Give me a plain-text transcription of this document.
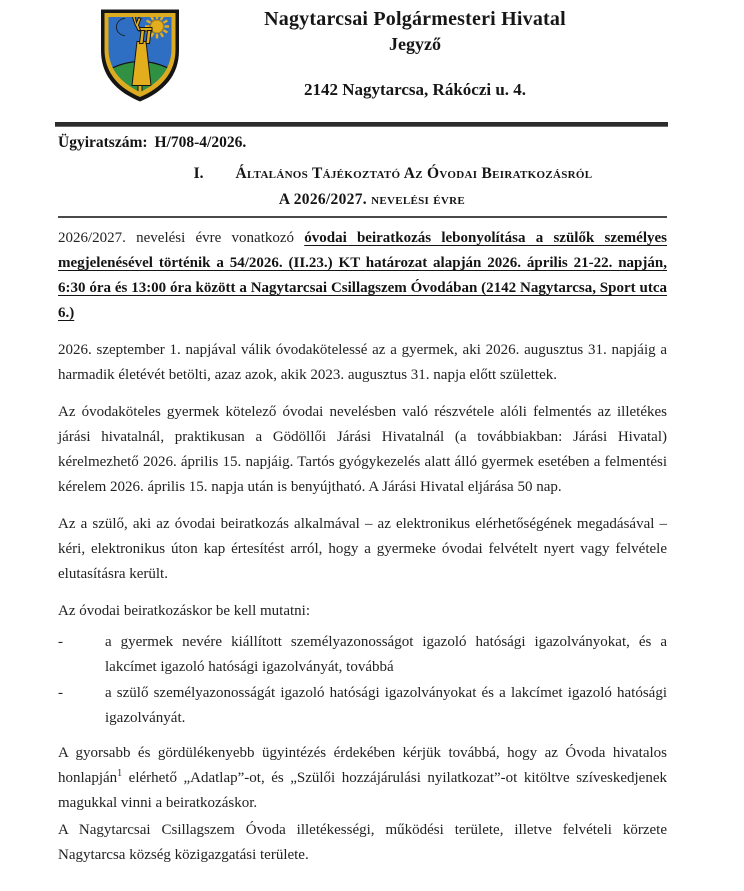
Nagytarcsai Polgármesteri Hivatal
Jegyző
2142 Nagytarcsa, Rákóczi u. 4.
Ügyiratszám: H/708-4/2026.
I. Általános Tájékoztató Az Óvodai Beiratkozásról
A 2026/2027. nevelési évre

2026/2027. nevelési évre vonatkozó óvodai beiratkozás lebonyolítása a szülők személyes megjelenésével történik a 54/2026. (II.23.) KT határozat alapján 2026. április 21-22. napján, 6:30 óra és 13:00 óra között a Nagytarcsai Csillagszem Óvodában (2142 Nagytarcsa, Sport utca 6.)

2026. szeptember 1. napjával válik óvodakötelessé az a gyermek, aki 2026. augusztus 31. napjáig a harmadik életévét betölti, azaz azok, akik 2023. augusztus 31. napja előtt születtek.

Az óvodaköteles gyermek kötelező óvodai nevelésben való részvétele alóli felmentés az illetékes járási hivatalnál, praktikusan a Gödöllői Járási Hivatalnál (a továbbiakban: Járási Hivatal) kérelmezhető 2026. április 15. napjáig. Tartós gyógykezelés alatt álló gyermek esetében a felmentési kérelem 2026. április 15. napja után is benyújtható. A Járási Hivatal eljárása 50 nap.

Az a szülő, aki az óvodai beiratkozás alkalmával – az elektronikus elérhetőségének megadásával – kéri, elektronikus úton kap értesítést arról, hogy a gyermeke óvodai felvételt nyert vagy felvétele elutasításra került.

Az óvodai beiratkozáskor be kell mutatni:

-	a gyermek nevére kiállított személyazonosságot igazoló hatósági igazolványokat, és a lakcímet igazoló hatósági igazolványát, továbbá
-	a szülő személyazonosságát igazoló hatósági igazolványokat és a lakcímet igazoló hatósági igazolványát.

A gyorsabb és gördülékenyebb ügyintézés érdekében kérjük továbbá, hogy az Óvoda hivatalos honlapján$^1$ elérhető „Adatlap”-ot, és „Szülői hozzájárulási nyilatkozat”-ot kitöltve szíveskedjenek magukkal vinni a beiratkozáskor.

A Nagytarcsai Csillagszem Óvoda illetékességi, működési területe, illetve felvételi körzete Nagytarcsa község közigazgatási területe.
